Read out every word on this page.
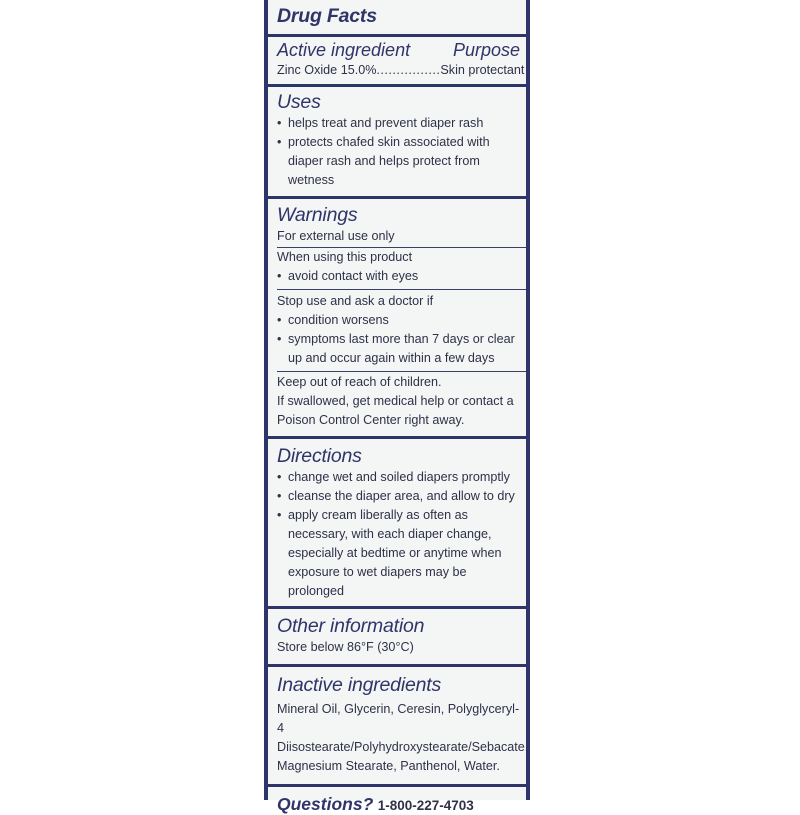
Drug Facts
Active ingredient Purpose
Zinc Oxide 15.0% ................ Skin protectant
Uses
• helps treat and prevent diaper rash
• protects chafed skin associated with diaper rash and helps protect from wetness
Warnings
For external use only
When using this product
• avoid contact with eyes
Stop use and ask a doctor if
• condition worsens
• symptoms last more than 7 days or clear up and occur again within a few days
Keep out of reach of children.
If swallowed, get medical help or contact a Poison Control Center right away.
Directions
• change wet and soiled diapers promptly
• cleanse the diaper area, and allow to dry
• apply cream liberally as often as necessary, with each diaper change, especially at bedtime or anytime when exposure to wet diapers may be prolonged
Other information
Store below 86°F (30°C)
Inactive ingredients
Mineral Oil, Glycerin, Ceresin, Polyglyceryl-4 Diisostearate/Polyhydroxystearate/Sebacate, Magnesium Stearate, Panthenol, Water.
Questions? 1-800-227-4703
